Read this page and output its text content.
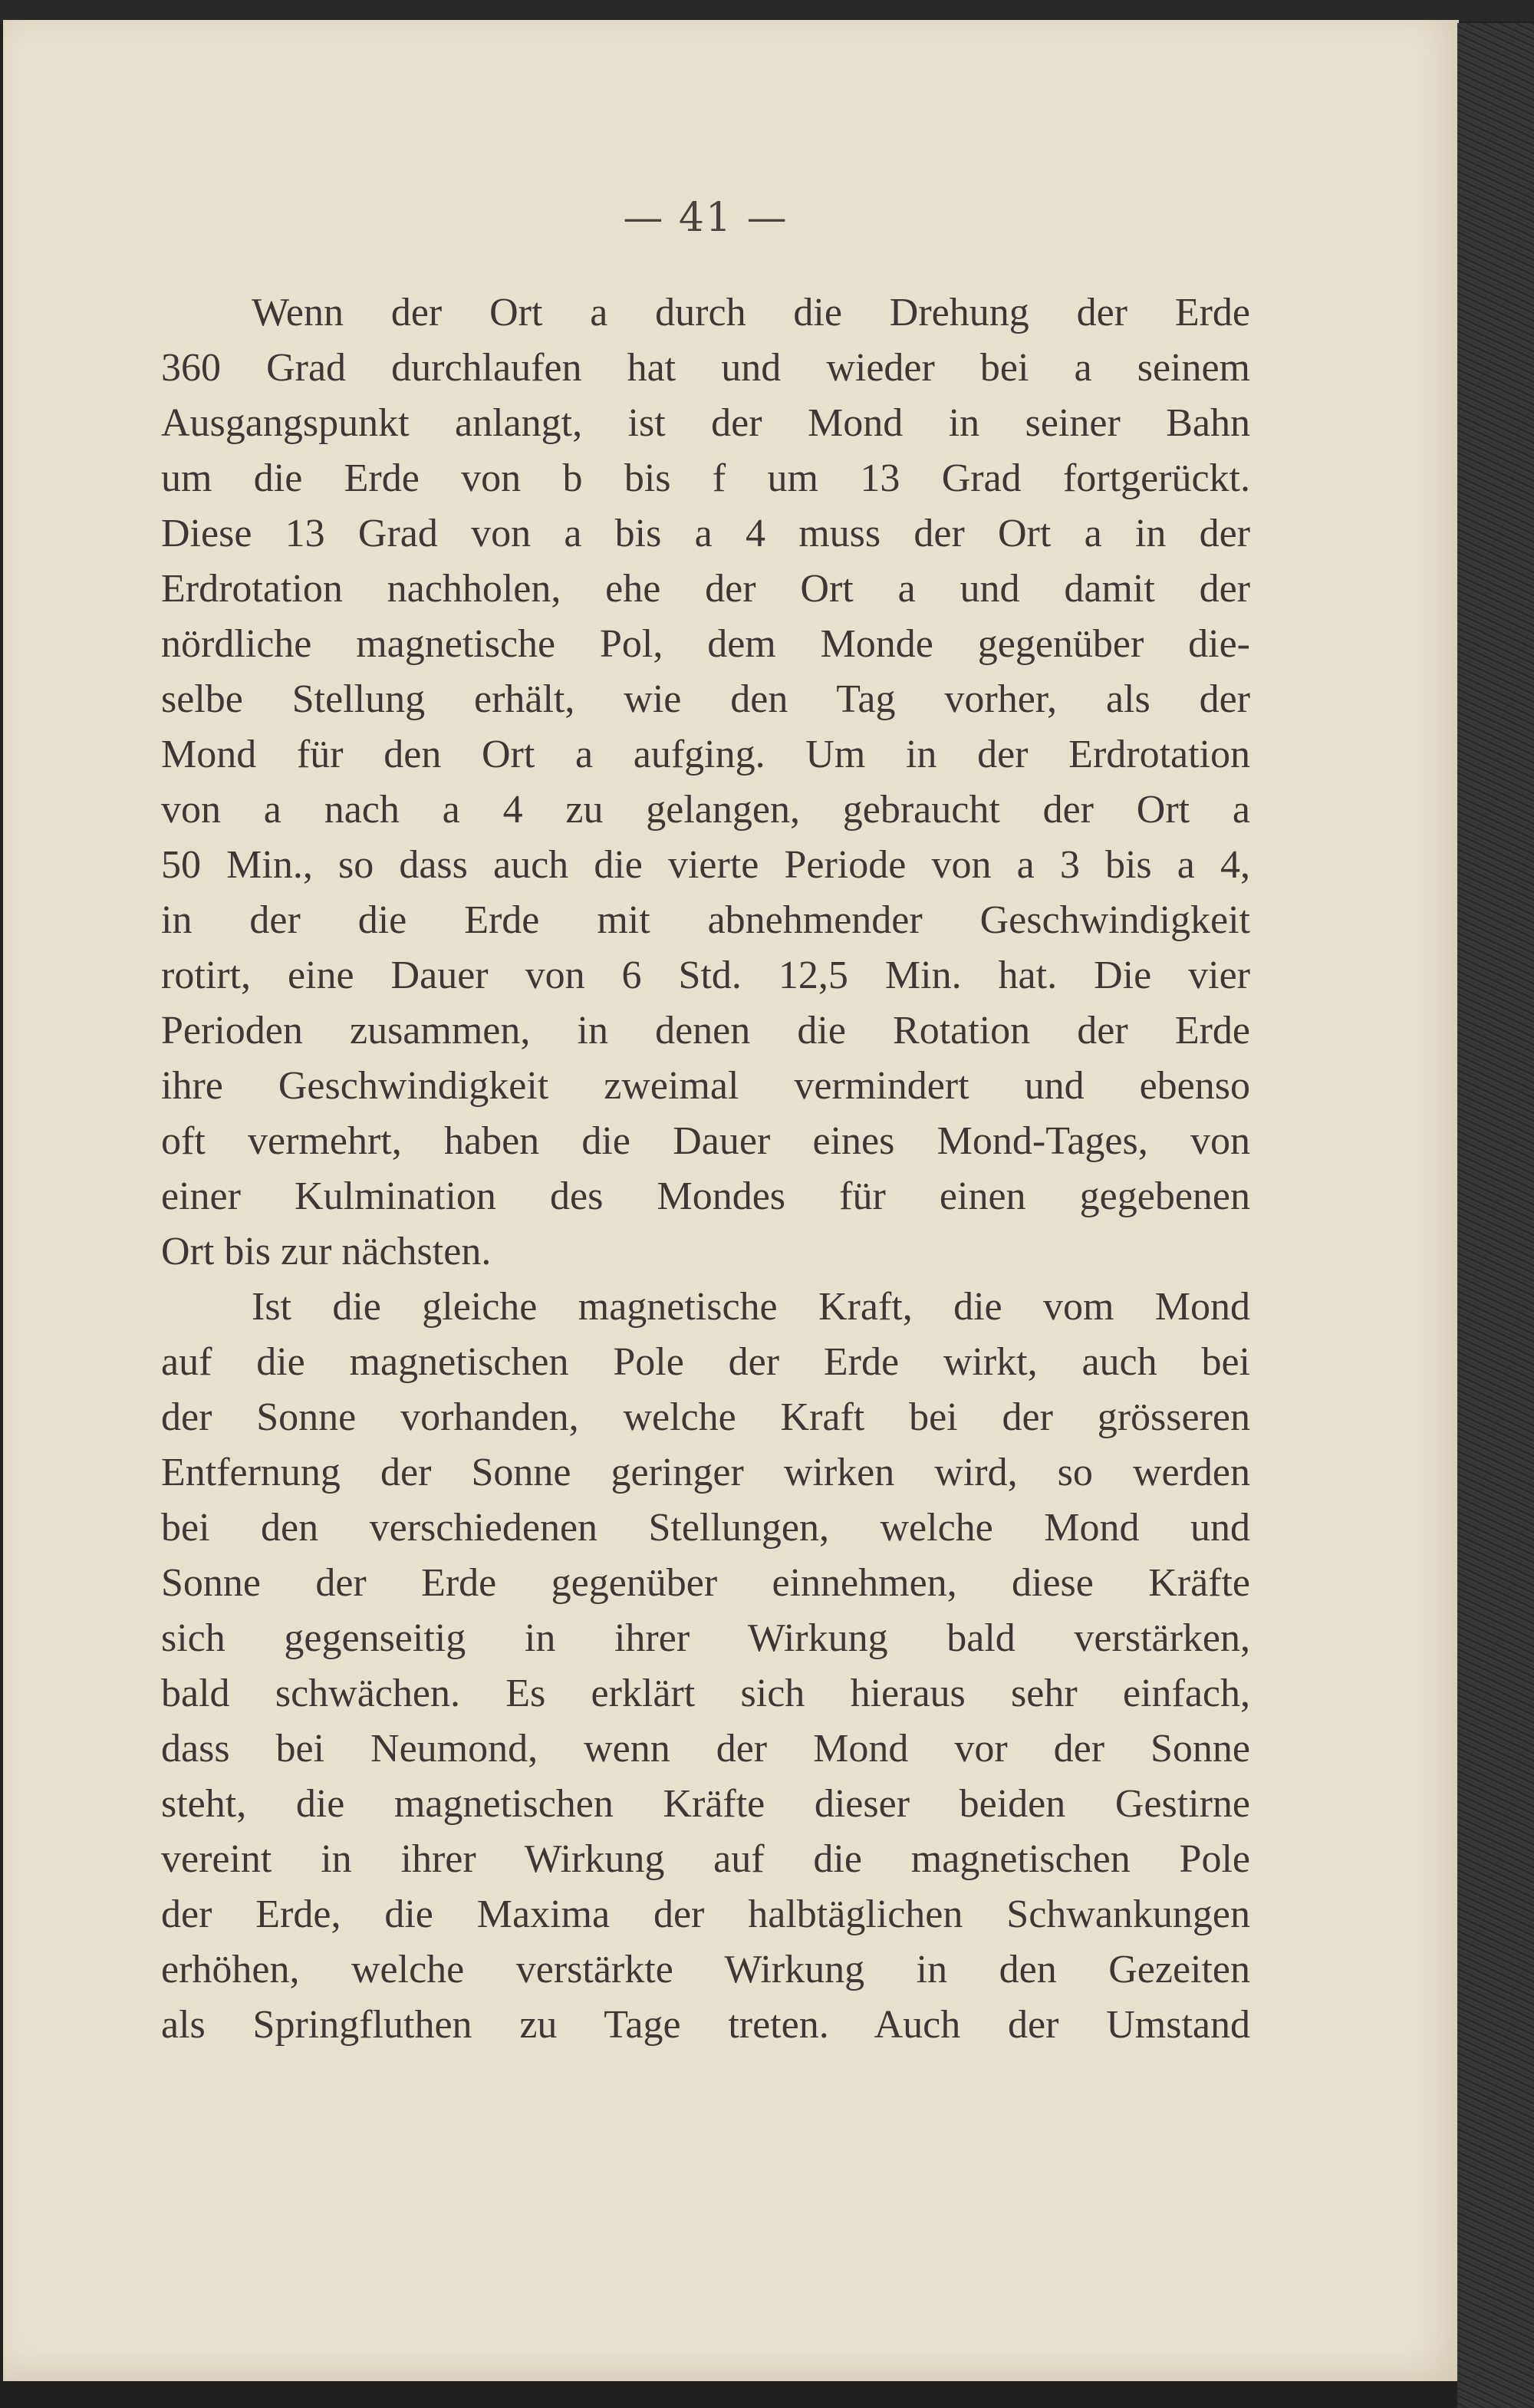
— 41 —
Wenn der Ort a durch die Drehung der Erde
360 Grad durchlaufen hat und wieder bei a seinem
Ausgangspunkt anlangt, ist der Mond in seiner Bahn
um die Erde von b bis f um 13 Grad fortgerückt.
Diese 13 Grad von a bis a 4 muss der Ort a in der
Erdrotation nachholen, ehe der Ort a und damit der
nördliche magnetische Pol, dem Monde gegenüber die-
selbe Stellung erhält, wie den Tag vorher, als der
Mond für den Ort a aufging. Um in der Erdrotation
von a nach a 4 zu gelangen, gebraucht der Ort a
50 Min., so dass auch die vierte Periode von a 3 bis a 4,
in der die Erde mit abnehmender Geschwindigkeit
rotirt, eine Dauer von 6 Std. 12,5 Min. hat. Die vier
Perioden zusammen, in denen die Rotation der Erde
ihre Geschwindigkeit zweimal vermindert und ebenso
oft vermehrt, haben die Dauer eines Mond-Tages, von
einer Kulmination des Mondes für einen gegebenen
Ort bis zur nächsten.
Ist die gleiche magnetische Kraft, die vom Mond
auf die magnetischen Pole der Erde wirkt, auch bei
der Sonne vorhanden, welche Kraft bei der grösseren
Entfernung der Sonne geringer wirken wird, so werden
bei den verschiedenen Stellungen, welche Mond und
Sonne der Erde gegenüber einnehmen, diese Kräfte
sich gegenseitig in ihrer Wirkung bald verstärken,
bald schwächen. Es erklärt sich hieraus sehr einfach,
dass bei Neumond, wenn der Mond vor der Sonne
steht, die magnetischen Kräfte dieser beiden Gestirne
vereint in ihrer Wirkung auf die magnetischen Pole
der Erde, die Maxima der halbtäglichen Schwankungen
erhöhen, welche verstärkte Wirkung in den Gezeiten
als Springfluthen zu Tage treten. Auch der Umstand
